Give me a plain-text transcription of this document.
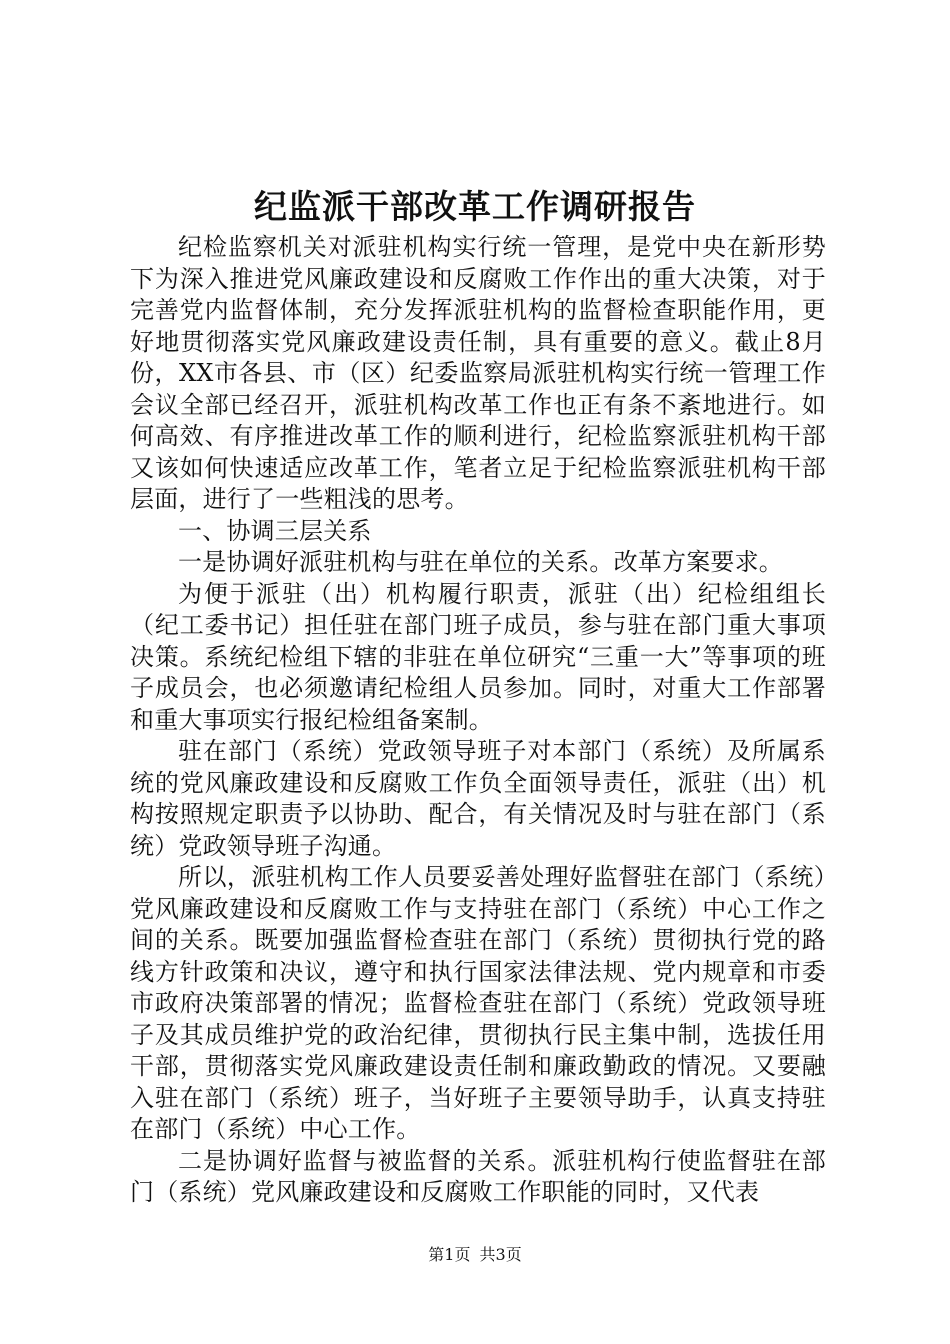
纪监派干部改革工作调研报告

纪检监察机关对派驻机构实行统一管理，是党中央在新形势下为深入推进党风廉政建设和反腐败工作作出的重大决策，对于完善党内监督体制，充分发挥派驻机构的监督检查职能作用，更好地贯彻落实党风廉政建设责任制，具有重要的意义。截止8月份，XX市各县、市（区）纪委监察局派驻机构实行统一管理工作会议全部已经召开，派驻机构改革工作也正有条不紊地进行。如何高效、有序推进改革工作的顺利进行，纪检监察派驻机构干部又该如何快速适应改革工作，笔者立足于纪检监察派驻机构干部层面，进行了一些粗浅的思考。

一、协调三层关系

一是协调好派驻机构与驻在单位的关系。改革方案要求。

为便于派驻（出）机构履行职责，派驻（出）纪检组组长（纪工委书记）担任驻在部门班子成员，参与驻在部门重大事项决策。系统纪检组下辖的非驻在单位研究“三重一大”等事项的班子成员会，也必须邀请纪检组人员参加。同时，对重大工作部署和重大事项实行报纪检组备案制。

驻在部门（系统）党政领导班子对本部门（系统）及所属系统的党风廉政建设和反腐败工作负全面领导责任，派驻（出）机构按照规定职责予以协助、配合，有关情况及时与驻在部门（系统）党政领导班子沟通。

所以，派驻机构工作人员要妥善处理好监督驻在部门（系统）党风廉政建设和反腐败工作与支持驻在部门（系统）中心工作之间的关系。既要加强监督检查驻在部门（系统）贯彻执行党的路线方针政策和决议，遵守和执行国家法律法规、党内规章和市委市政府决策部署的情况；监督检查驻在部门（系统）党政领导班子及其成员维护党的政治纪律，贯彻执行民主集中制，选拔任用干部，贯彻落实党风廉政建设责任制和廉政勤政的情况。又要融入驻在部门（系统）班子，当好班子主要领导助手，认真支持驻在部门（系统）中心工作。

二是协调好监督与被监督的关系。派驻机构行使监督驻在部门（系统）党风廉政建设和反腐败工作职能的同时，又代表

第1页 共3页
